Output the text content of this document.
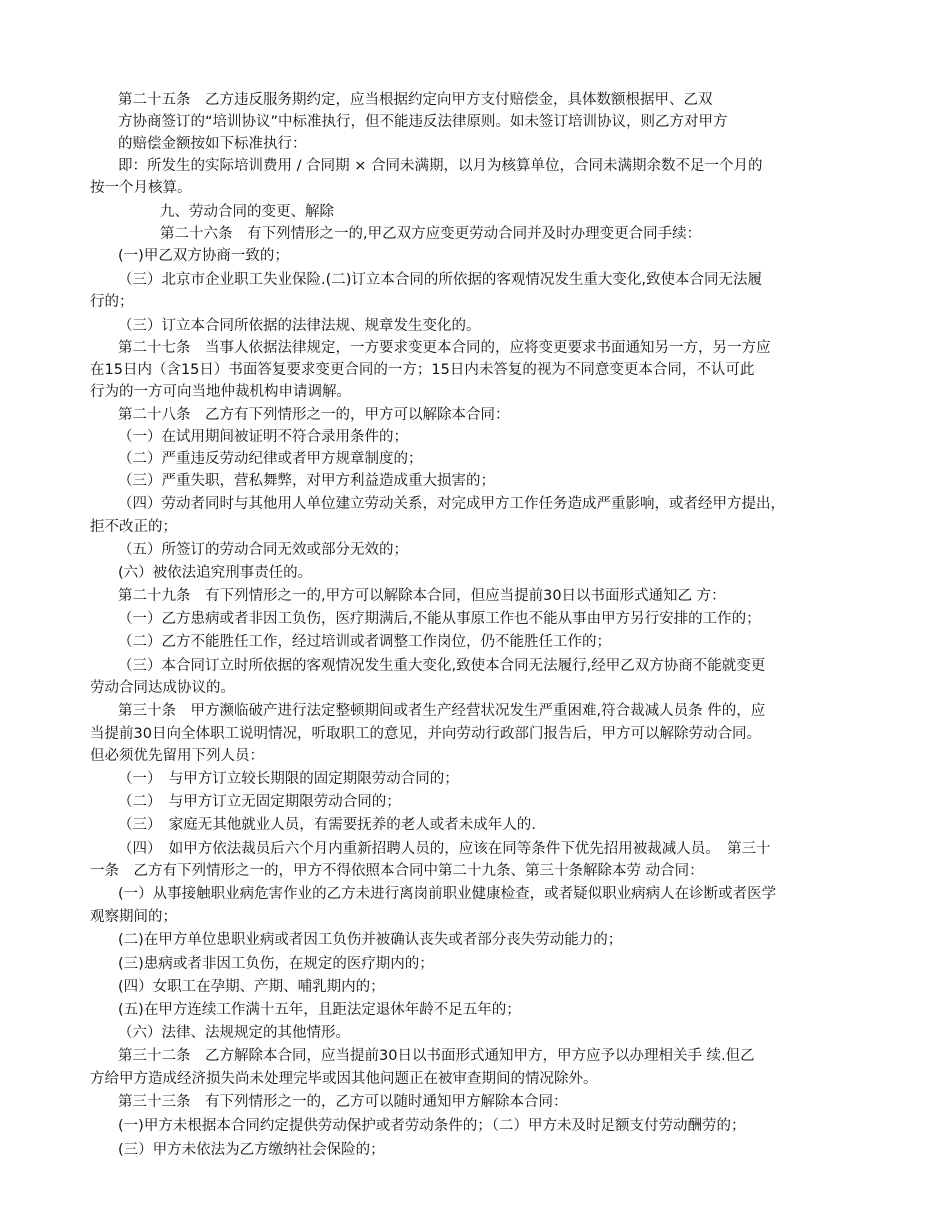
第二十五条　乙方违反服务期约定，应当根据约定向甲方支付赔偿金，具体数额根据甲、乙双
方协商签订的“培训协议”中标准执行，但不能违反法律原则。如未签订培训协议，则乙方对甲方
的赔偿金额按如下标准执行：
即：所发生的实际培训费用 / 合同期 × 合同未满期，以月为核算单位，合同未满期余数不足一个月的
按一个月核算。
九、劳动合同的变更、解除
第二十六条　有下列情形之一的,甲乙双方应变更劳动合同并及时办理变更合同手续：
(一)甲乙双方协商一致的；
（三）北京市企业职工失业保险.(二)订立本合同的所依据的客观情况发生重大变化,致使本合同无法履
行的；
（三）订立本合同所依据的法律法规、规章发生变化的。
第二十七条　当事人依据法律规定，一方要求变更本合同的，应将变更要求书面通知另一方，另一方应
在15日内（含15日）书面答复要求变更合同的一方；15日内未答复的视为不同意变更本合同，不认可此
行为的一方可向当地仲裁机构申请调解。
第二十八条　乙方有下列情形之一的，甲方可以解除本合同：
（一）在试用期间被证明不符合录用条件的；
（二）严重违反劳动纪律或者甲方规章制度的；
（三）严重失职，营私舞弊，对甲方利益造成重大损害的；
（四）劳动者同时与其他用人单位建立劳动关系，对完成甲方工作任务造成严重影响，或者经甲方提出，
拒不改正的；
（五）所签订的劳动合同无效或部分无效的；
(六）被依法追究刑事责任的。
第二十九条　有下列情形之一的,甲方可以解除本合同，但应当提前30日以书面形式通知乙 方：
（一）乙方患病或者非因工负伤，医疗期满后,不能从事原工作也不能从事由甲方另行安排的工作的；
（二）乙方不能胜任工作，经过培训或者调整工作岗位，仍不能胜任工作的；
（三）本合同订立时所依据的客观情况发生重大变化,致使本合同无法履行,经甲乙双方协商不能就变更
劳动合同达成协议的。
第三十条　甲方濒临破产进行法定整顿期间或者生产经营状况发生严重困难,符合裁减人员条 件的，应
当提前30日向全体职工说明情况，听取职工的意见，并向劳动行政部门报告后，甲方可以解除劳动合同。
但必须优先留用下列人员：
（一）　与甲方订立较长期限的固定期限劳动合同的；
（二）　与甲方订立无固定期限劳动合同的；
（三）　家庭无其他就业人员，有需要抚养的老人或者未成年人的.
（四）　如甲方依法裁员后六个月内重新招聘人员的，应该在同等条件下优先招用被裁减人员。　第三十
一条　乙方有下列情形之一的，甲方不得依照本合同中第二十九条、第三十条解除本劳 动合同：
(一）从事接触职业病危害作业的乙方未进行离岗前职业健康检查，或者疑似职业病病人在诊断或者医学
观察期间的；
(二)在甲方单位患职业病或者因工负伤并被确认丧失或者部分丧失劳动能力的；
(三)患病或者非因工负伤，在规定的医疗期内的；
(四）女职工在孕期、产期、哺乳期内的；
(五)在甲方连续工作满十五年，且距法定退休年龄不足五年的；
（六）法律、法规规定的其他情形。
第三十二条　乙方解除本合同，应当提前30日以书面形式通知甲方，甲方应予以办理相关手 续.但乙
方给甲方造成经济损失尚未处理完毕或因其他问题正在被审查期间的情况除外。
第三十三条　有下列情形之一的，乙方可以随时通知甲方解除本合同：
(一)甲方未根据本合同约定提供劳动保护或者劳动条件的；（二）甲方未及时足额支付劳动酬劳的；
(三）甲方未依法为乙方缴纳社会保险的；
